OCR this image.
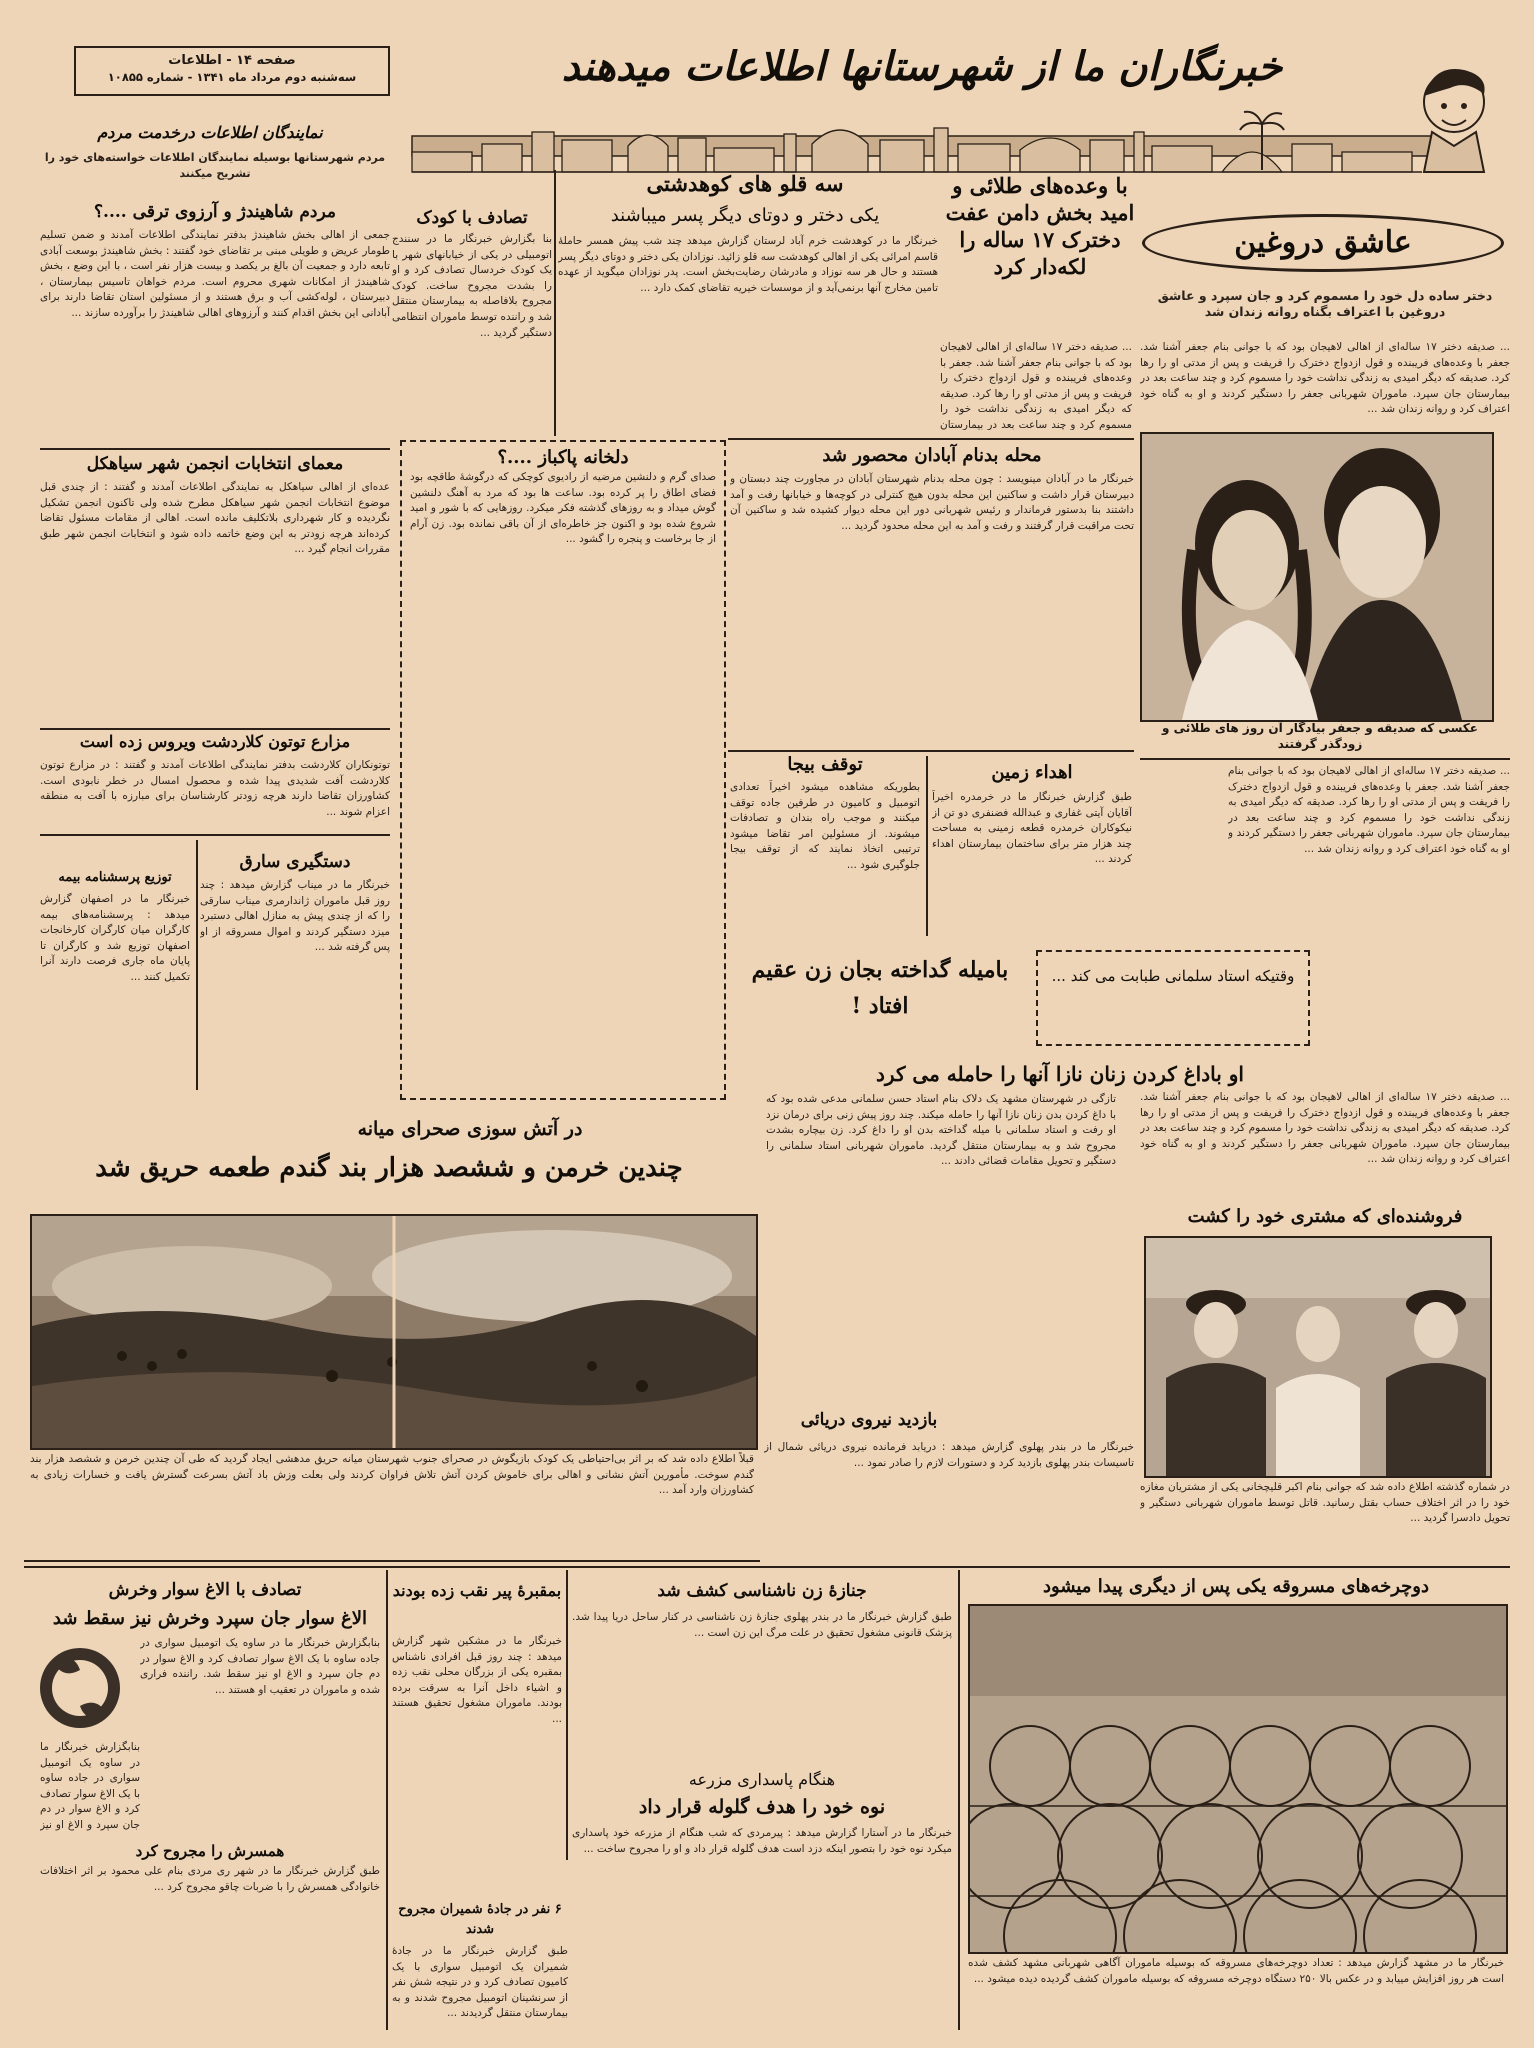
صفحه ۱۴ - اطلاعات
سه‌شنبه دوم مرداد ماه ۱۳۴۱ - شماره ۱۰۸۵۵	خبرنگاران ما از شهرستانها اطلاعات میدهند
عاشق دروغین
با وعده‌های طلائی و امید بخش دامن عفت دخترک ۱۷ ساله را لکه‌دار کرد
دختر ساده دل خود را مسموم کرد و جان سپرد و عاشق دروغین با اعتراف بگناه روانه زندان شد
... صدیقه دختر ۱۷ ساله‌ای از اهالی لاهیجان بود که با جوانی بنام جعفر آشنا شد. جعفر با وعده‌های فریبنده و قول ازدواج دخترک را فریفت و پس از مدتی او را رها کرد. صدیقه که دیگر امیدی به زندگی نداشت خود را مسموم کرد و چند ساعت بعد در بیمارستان جان سپرد. ماموران شهربانی جعفر را دستگیر کردند و او به گناه خود اعتراف کرد و روانه زندان شد ...
عکسی که صدیقه و جعفر بیادگار آن روز های طلائی و زودگذر گرفتند
... صدیقه دختر ۱۷ ساله‌ای از اهالی لاهیجان بود که با جوانی بنام جعفر آشنا شد. جعفر با وعده‌های فریبنده و قول ازدواج دخترک را فریفت و پس از مدتی او را رها کرد. صدیقه که دیگر امیدی به زندگی نداشت خود را مسموم کرد و چند ساعت بعد در بیمارستان جان سپرد. ماموران شهربانی جعفر را دستگیر کردند و او به گناه خود اعتراف کرد و روانه زندان شد ...
سه قلو های کوهدشتی
یکی دختر و دوتای دیگر پسر میباشند
خبرنگار ما در کوهدشت خرم آباد لرستان گزارش میدهد چند شب پیش همسر حاملهٔ قاسم امرائی یکی از اهالی کوهدشت سه قلو زائید. نوزادان یکی دختر و دوتای دیگر پسر هستند و حال هر سه نوزاد و مادرشان رضایت‌بخش است. پدر نوزادان میگوید از عهده تامین مخارج آنها برنمی‌آید و از موسسات خیریه تقاضای کمک دارد ...
... صدیقه دختر ۱۷ ساله‌ای از اهالی لاهیجان بود که با جوانی بنام جعفر آشنا شد. جعفر با وعده‌های فریبنده و قول ازدواج دخترک را فریفت و پس از مدتی او را رها کرد. صدیقه که دیگر امیدی به زندگی نداشت خود را مسموم کرد و چند ساعت بعد در بیمارستان
محله بدنام آبادان محصور شد
خبرنگار ما در آبادان مینویسد : چون محله بدنام شهرستان آبادان در مجاورت چند دبستان و دبیرستان قرار داشت و ساکنین این محله بدون هیچ کنترلی در کوچه‌ها و خیابانها رفت و آمد داشتند بنا بدستور فرماندار و رئیس شهربانی دور این محله دیوار کشیده شد و ساکنین آن تحت مراقبت قرار گرفتند و رفت و آمد به این محله محدود گردید ...
توقف بیجا
بطوریکه مشاهده میشود اخیراً تعدادی اتومبیل و کامیون در طرفین جاده توقف میکنند و موجب راه بندان و تصادفات میشوند. از مسئولین امر تقاضا میشود ترتیبی اتخاذ نمایند که از توقف بیجا جلوگیری شود ...
اهداء زمین
طبق گزارش خبرنگار ما در خرمدره اخیراً آقایان آیتی غفاری و عبدالله فضنفری دو تن از نیکوکاران خرمدره قطعه زمینی به مساحت چند هزار متر برای ساختمان بیمارستان اهداء کردند ...
تصادف با کودک
بنا بگزارش خبرنگار ما در سنندج اتومبیلی در یکی از خیابانهای شهر با یک کودک خردسال تصادف کرد و او را بشدت مجروح ساخت. کودک مجروح بلافاصله به بیمارستان منتقل شد و راننده توسط ماموران انتظامی دستگیر گردید ...
دلخانه پاکباز ....؟
صدای گرم و دلنشین مرضیه از رادیوی کوچکی که درگوشهٔ طاقچه بود فضای اطاق را پر کرده بود. ساعت ها بود که مرد به آهنگ دلنشین گوش میداد و به روزهای گذشته فکر میکرد. روزهایی که با شور و امید شروع شده بود و اکنون جز خاطره‌ای از آن باقی نمانده بود. زن آرام از جا برخاست و پنجره را گشود ...
نمایندگان اطلاعات درخدمت مردم
مردم شهرستانها بوسیله نمایندگان اطلاعات خواسته‌های خود را تشریح میکنند
مردم شاهیندژ و آرزوی ترقی ....؟
جمعی از اهالی بخش شاهیندژ بدفتر نمایندگی اطلاعات آمدند و ضمن تسلیم طومار عریض و طویلی مبنی بر تقاضای خود گفتند : بخش شاهیندژ بوسعت آبادی تابعه دارد و جمعیت آن بالغ بر یکصد و بیست هزار نفر است ، با این وضع ، بخش شاهیندژ از امکانات شهری محروم است. مردم خواهان تاسیس بیمارستان ، دبیرستان ، لوله‌کشی آب و برق هستند و از مسئولین استان تقاضا دارند برای آبادانی این بخش اقدام کنند و آرزوهای اهالی شاهیندژ را برآورده سازند ...
معمای انتخابات انجمن شهر سیاهکل
عده‌ای از اهالی سیاهکل به نمایندگی اطلاعات آمدند و گفتند : از چندی قبل موضوع انتخابات انجمن شهر سیاهکل مطرح شده ولی تاکنون انجمن تشکیل نگردیده و کار شهرداری بلاتکلیف مانده است. اهالی از مقامات مسئول تقاضا کرده‌اند هرچه زودتر به این وضع خاتمه داده شود و انتخابات انجمن شهر طبق مقررات انجام گیرد ...
مزارع توتون کلاردشت ویروس زده است
توتونکاران کلاردشت بدفتر نمایندگی اطلاعات آمدند و گفتند : در مزارع توتون کلاردشت آفت شدیدی پیدا شده و محصول امسال در خطر نابودی است. کشاورزان تقاضا دارند هرچه زودتر کارشناسان برای مبارزه با آفت به منطقه اعزام شوند ...
دستگیری سارق
خبرنگار ما در میناب گزارش میدهد : چند روز قبل ماموران ژاندارمری میناب سارقی را که از چندی پیش به منازل اهالی دستبرد میزد دستگیر کردند و اموال مسروقه از او پس گرفته شد ...
توزیع پرسشنامه بیمه
خبرنگار ما در اصفهان گزارش میدهد : پرسشنامه‌های بیمه کارگران میان کارگران کارخانجات اصفهان توزیع شد و کارگران تا پایان ماه جاری فرصت دارند آنرا تکمیل کنند ...	بامیله گداخته بجان زن عقیم افتاد !
وقتیکه استاد سلمانی طبابت می کند ...
او باداغ کردن زنان نازا آنها را حامله می کرد
تازگی در شهرستان مشهد یک دلاک بنام استاد حسن سلمانی مدعی شده بود که با داغ کردن بدن زنان نازا آنها را حامله میکند. چند روز پیش زنی برای درمان نزد او رفت و استاد سلمانی با میله گداخته بدن او را داغ کرد. زن بیچاره بشدت مجروح شد و به بیمارستان منتقل گردید. ماموران شهربانی استاد سلمانی را دستگیر و تحویل مقامات قضائی دادند ...
... صدیقه دختر ۱۷ ساله‌ای از اهالی لاهیجان بود که با جوانی بنام جعفر آشنا شد. جعفر با وعده‌های فریبنده و قول ازدواج دخترک را فریفت و پس از مدتی او را رها کرد. صدیقه که دیگر امیدی به زندگی نداشت خود را مسموم کرد و چند ساعت بعد در بیمارستان جان سپرد. ماموران شهربانی جعفر را دستگیر کردند و او به گناه خود اعتراف کرد و روانه زندان شد ...
در آتش سوزی صحرای میانه
چندین خرمن و ششصد هزار بند گندم طعمه حریق شد
قبلاً اطلاع داده شد که بر اثر بی‌احتیاطی یک کودک بازیگوش در صحرای جنوب شهرستان میانه حریق مدهشی ایجاد گردید که طی آن چندین خرمن و ششصد هزار بند گندم سوخت. مأمورین آتش نشانی و اهالی برای خاموش کردن آتش تلاش فراوان کردند ولی بعلت وزش باد آتش بسرعت گسترش یافت و خسارات زیادی به کشاورزان وارد آمد ...
فروشنده‌ای که مشتری خود را کشت
در شماره گذشته اطلاع داده شد که جوانی بنام اکبر قلیچخانی یکی از مشتریان مغازه خود را در اثر اختلاف حساب بقتل رسانید. قاتل توسط ماموران شهربانی دستگیر و تحویل دادسرا گردید ...
بازدید نیروی دریائی
خبرنگار ما در بندر پهلوی گزارش میدهد : دریابد فرمانده نیروی دریائی شمال از تاسیسات بندر پهلوی بازدید کرد و دستورات لازم را صادر نمود ...
تصادف با الاغ سوار وخرش
الاغ سوار جان سپرد وخرش نیز سقط شد
بنابگزارش خبرنگار ما در ساوه یک اتومبیل سواری در جاده ساوه با یک الاغ سوار تصادف کرد و الاغ سوار در دم جان سپرد و الاغ او نیز سقط شد. راننده فراری شده و ماموران در تعقیب او هستند ...
بنابگزارش خبرنگار ما در ساوه یک اتومبیل سواری در جاده ساوه با یک الاغ سوار تصادف کرد و الاغ سوار در دم جان سپرد و الاغ او نیز
همسرش را مجروح کرد
طبق گزارش خبرنگار ما در شهر ری مردی بنام علی محمود بر اثر اختلافات خانوادگی همسرش را با ضربات چاقو مجروح کرد ...
بمقبرهٔ پیر نقب زده بودند
خبرنگار ما در مشکین شهر گزارش میدهد : چند روز قبل افرادی ناشناس بمقبره یکی از بزرگان محلی نقب زده و اشیاء داخل آنرا به سرقت برده بودند. ماموران مشغول تحقیق هستند ...
جنازهٔ زن ناشناسی کشف شد
طبق گزارش خبرنگار ما در بندر پهلوی جنازهٔ زن ناشناسی در کنار ساحل دریا پیدا شد. پزشک قانونی مشغول تحقیق در علت مرگ این زن است ...
هنگام پاسداری مزرعه
نوه خود را هدف گلوله قرار داد
خبرنگار ما در آستارا گزارش میدهد : پیرمردی که شب هنگام از مزرعه خود پاسداری میکرد نوه خود را بتصور اینکه دزد است هدف گلوله قرار داد و او را مجروح ساخت ...
۶ نفر در جادهٔ شمیران مجروح شدند
طبق گزارش خبرنگار ما در جادهٔ شمیران یک اتومبیل سواری با یک کامیون تصادف کرد و در نتیجه شش نفر از سرنشینان اتومبیل مجروح شدند و به بیمارستان منتقل گردیدند ...
دوچرخه‌های مسروقه یکی پس از دیگری پیدا میشود
خبرنگار ما در مشهد گزارش میدهد : تعداد دوچرخه‌های مسروقه که بوسیله ماموران آگاهی شهربانی مشهد کشف شده است هر روز افزایش مییابد و در عکس بالا ۲۵۰ دستگاه دوچرخه مسروقه که بوسیله ماموران کشف گردیده دیده میشود ...
